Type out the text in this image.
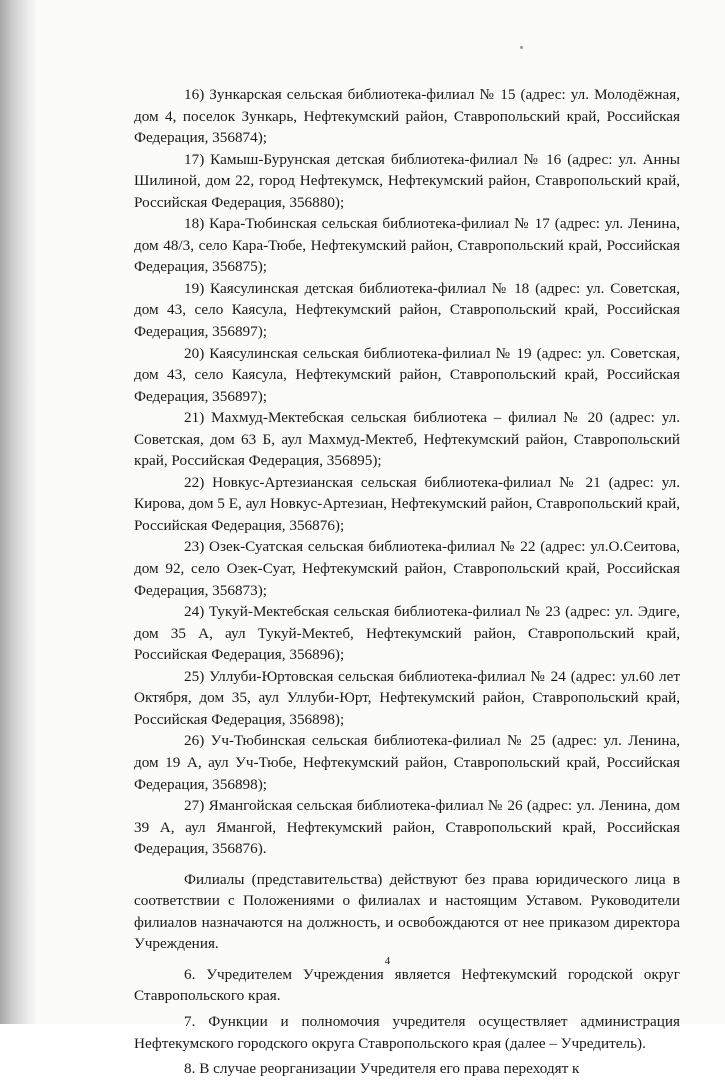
16) Зункарская сельская библиотека-филиал № 15 (адрес: ул. Молодёжная, дом 4, поселок Зункарь, Нефтекумский район, Ставропольский край, Российская Федерация, 356874);

17) Камыш-Бурунская детская библиотека-филиал № 16 (адрес: ул. Анны Шилиной, дом 22, город Нефтекумск, Нефтекумский район, Ставропольский край, Российская Федерация, 356880);

18) Кара-Тюбинская сельская библиотека-филиал № 17 (адрес: ул. Ленина, дом 48/3, село Кара-Тюбе, Нефтекумский район, Ставропольский край, Российская Федерация, 356875);

19) Каясулинская детская библиотека-филиал № 18 (адрес: ул. Советская, дом 43, село Каясула, Нефтекумский район, Ставропольский край, Российская Федерация, 356897);

20) Каясулинская сельская библиотека-филиал № 19 (адрес: ул. Советская, дом 43, село Каясула, Нефтекумский район, Ставропольский край, Российская Федерация, 356897);

21) Махмуд-Мектебская сельская библиотека – филиал № 20 (адрес: ул. Советская, дом 63 Б, аул Махмуд-Мектеб, Нефтекумский район, Ставропольский край, Российская Федерация, 356895);

22) Новкус-Артезианская сельская библиотека-филиал № 21 (адрес: ул. Кирова, дом 5 Е, аул Новкус-Артезиан, Нефтекумский район, Ставропольский край, Российская Федерация, 356876);

23) Озек-Суатская сельская библиотека-филиал № 22 (адрес: ул.О.Сеитова, дом 92, село Озек-Суат, Нефтекумский район, Ставропольский край, Российская Федерация, 356873);

24) Тукуй-Мектебская сельская библиотека-филиал № 23 (адрес: ул. Эдиге, дом 35 А, аул Тукуй-Мектеб, Нефтекумский район, Ставропольский край, Российская Федерация, 356896);

25) Уллуби-Юртовская сельская библиотека-филиал № 24 (адрес: ул.60 лет Октября, дом 35, аул Уллуби-Юрт, Нефтекумский район, Ставропольский край, Российская Федерация, 356898);

26) Уч-Тюбинская сельская библиотека-филиал № 25 (адрес: ул. Ленина, дом 19 А, аул Уч-Тюбе, Нефтекумский район, Ставропольский край, Российская Федерация, 356898);

27) Ямангойская сельская библиотека-филиал № 26 (адрес: ул. Ленина, дом 39 А, аул Ямангой, Нефтекумский район, Ставропольский край, Российская Федерация, 356876).

Филиалы (представительства) действуют без права юридического лица в соответствии с Положениями о филиалах и настоящим Уставом. Руководители филиалов назначаются на должность, и освобождаются от нее приказом директора Учреждения.

6. Учредителем Учреждения является Нефтекумский городской округ Ставропольского края.

7. Функции и полномочия учредителя осуществляет администрация Нефтекумского городского округа Ставропольского края (далее – Учредитель).

8. В случае реорганизации Учредителя его права переходят к

4
